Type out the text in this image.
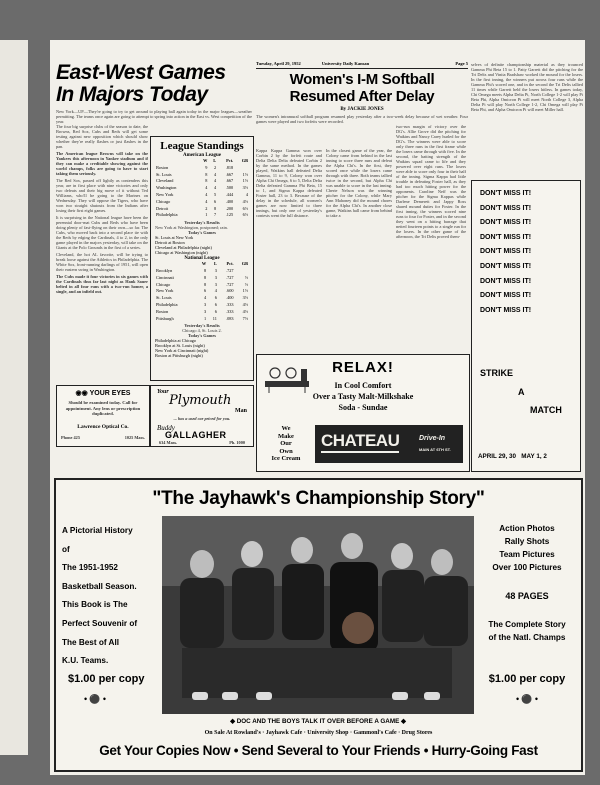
East-West Games
In Majors Today
New York—UP—They're going to try to get around to playing ball again today in the major leagues—weather permitting. The teams once again are going to attempt to spring into action in the East vs. West competition of the year.
The four big surprise clubs of the season to date, the Browns, Red Sox, Cubs and Reds will get some testing against new opposition which should show whether they're really flashes or just flashes in the pan.
The American league Browns will take on the Yankees this afternoon in Yankee stadium and if they can make a creditable showing against the world champs, folks are going to have to start taking them seriously.
The Red Sox, passed off lightly as contenders this year, are in first place with nine victories and only two defeats and their big move of it without Ted Williams, who'll be going to the Marines on Wednesday. They will oppose the Tigers, who have won two straight shutouts from the Indians after losing their first eight games.
It is surprising in the National league have been the perennial door-mat Cubs and Reds who have been doing plenty of fast-flying on their own—so far. The Cubs, who moved back into a second place tie with the Reds by edging the Cardinals, 4 to 2, in the only game played in the majors yesterday, will take on the Giants at the Polo Grounds in the first of a series.
Cleveland, the hot AL favorite, will be trying to break loose against the Athletics in Philadelphia. The White Sox, front-running darlings of 1951, will open their eastern swing in Washington.
The Cubs made it four victories in six games with the Cardinals thus far last night as Hank Sauer belted in all four runs with a two-run homer, a single, and an infield out.
League Standings
American League
	W	L	Pct.	GB
Boston	9	2	.818	
St. Louis	8	4	.667	1½
Cleveland	8	4	.667	1½
Washington	4	4	.500	3½
New York	4	5	.444	4
Chicago	4	6	.400	4½
Detroit	2	8	.200	6½
Philadelphia	1	7	.125	6½
Yesterday's Results
New York at Washington, postponed; rain.
Today's Games
St. Louis at New York
Detroit at Boston
Cleveland at Philadelphia (night)
Chicago at Washington (night)
National League
	W	L	Pct.	GB
Brooklyn	8	3	.727	
Cincinnati	8	3	.727	½
Chicago	8	3	.727	½
New York	6	4	.600	1½
St. Louis	4	6	.400	3½
Philadelphia	3	6	.333	4½
Boston	3	6	.333	4½
Pittsburgh	1	11	.083	7½
Yesterday's Results
Chicago 4, St. Louis 2.
Today's Games
Philadelphia at Chicago
Brooklyn at St. Louis (night)
New York at Cincinnati (night)
Boston at Pittsburgh (night)
◉◉ YOUR EYES
Should be examined today. Call for appointment. Any lens or prescription duplicated.
Lawrence Optical Co.
Phone 425	1025 Mass.
Your
Plymouth
Man
... has a used car priced for you.
Buddy
GALLAGHER
634 Mass.	Ph. 1000
Tuesday, April 29, 1952	University Daily Kansan	Page 5
Women's I-M Softball
Resumed After Delay
By JACKIE JONES
The women's intramural softball program resumed play yesterday after a two-week delay because of wet weather. Four games were played and two forfeits were recorded.
Kappa Kappa Gamma won over Corbin 2 by the forfeit route and Delta Delta Delta defeated Corbin 2 by the same method. In the games played, Watkins hall defeated Delta Gamma, 11 to 9, Colony won over Alpha Chi Omega, 6 to 5, Delta Delta Delta defeated Gamma Phi Beta, 15 to 1, and Sigma Kappa defeated Foster hall, 23 to 3. Because of the delay in the schedule, all women's games are now limited to three innings, but only one of yesterday's contests went the full distance.
In the closest game of the year, the Colony came from behind in the last inning to score three runs and defeat the Alpha Chi's. In the first, they scored once while the losers came through with three. Both teams tallied twice in the second, but Alpha Chi was unable to score in the last inning. Cherie Nelson was the winning pitcher for the Colony, while Mary Ann Mahoney did the mound chores for the Alpha Chi's. In another close game, Watkins hall came from behind to take a
two-run margin of victory over the DG's. Allie Grove did the pitching for Watkins and Nancy Carey hurled for the DG's. The winners were able to score only three runs in the first frame while the losers came through with five. In the second, the batting strength of the Watkins squad came to life and they powered over eight runs. The losers were able to score only four in their half of the inning. Sigma Kappa had little trouble in defeating Foster hall, as they had too much hitting power for the opponents. Caroline Neff was the pitcher for the Sigma Kappas while Darlene Demerett and Jappy Ross shared mound duties for Foster. In the first inning, the winners scored nine runs to four for Foster, and in the second they went on a hitting barrage that netted fourteen points to a single run for the losers. In the other game of the afternoon, the Tri Delts proved them-
selves of definite championship material as they trounced Gamma Phi Beta 15 to 1. Patty Garrett did the pitching for the Tri Delts and Vinita Bradshaw worked the mound for the losers. In the first inning, the winners put across four runs while the Gamma Phi's scored one, and in the second the Tri Delts tallied 11 times while Garrett held the losers hitless. In games today, Chi Omega meets Alpha Delta Pi, North College 1-2 will play Pi Beta Phi, Alpha Omicron Pi will meet North College 3, Alpha Delta Pi will play North College 1-2, Chi Omega will play Pi Beta Phi, and Alpha Omicron Pi will meet Miller hall.
DON'T MISS IT!
DON'T MISS IT!
DON'T MISS IT!
DON'T MISS IT!
DON'T MISS IT!
DON'T MISS IT!
DON'T MISS IT!
DON'T MISS IT!
DON'T MISS IT!
STRIKE
A
MATCH
APRIL 29, 30   MAY 1, 2
RELAX!
In Cool Comfort
Over a Tasty Malt-Milkshake
Soda - Sundae
We
Make
Our
Own
Ice Cream
CHATEAU	Drive-In
MAIN AT 6TH ST.
"The Jayhawk's Championship Story"
A Pictorial History
of
The 1951-1952
Basketball Season.
This Book is The
Perfect Souvenir of
The Best of All
K.U. Teams.
$1.00 per copy
• ⚫ •
Action Photos
Rally Shots
Team Pictures
Over 100 Pictures
48 PAGES
The Complete Story
of the Natl. Champs
$1.00 per copy
• ⚫ •
◆ DOC AND THE BOYS TALK IT OVER BEFORE A GAME ◆
On Sale At Rowland's · Jayhawk Cafe · University Shop · Gammonl's Cafe · Drug Stores
Get Your Copies Now • Send Several to Your Friends • Hurry-Going Fast
